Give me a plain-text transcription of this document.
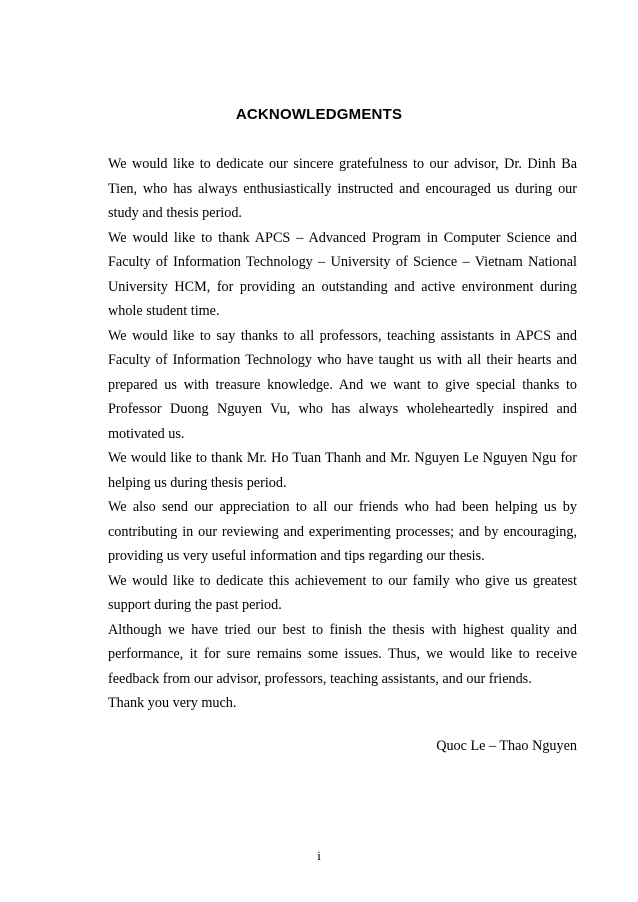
ACKNOWLEDGMENTS

We would like to dedicate our sincere gratefulness to our advisor, Dr. Dinh Ba Tien, who has always enthusiastically instructed and encouraged us during our study and thesis period.

We would like to thank APCS – Advanced Program in Computer Science and Faculty of Information Technology – University of Science – Vietnam National University HCM, for providing an outstanding and active environment during whole student time.

We would like to say thanks to all professors, teaching assistants in APCS and Faculty of Information Technology who have taught us with all their hearts and prepared us with treasure knowledge. And we want to give special thanks to Professor Duong Nguyen Vu, who has always wholeheartedly inspired and motivated us.

We would like to thank Mr. Ho Tuan Thanh and Mr. Nguyen Le Nguyen Ngu for helping us during thesis period.

We also send our appreciation to all our friends who had been helping us by contributing in our reviewing and experimenting processes; and by encouraging, providing us very useful information and tips regarding our thesis.

We would like to dedicate this achievement to our family who give us greatest support during the past period.

Although we have tried our best to finish the thesis with highest quality and performance, it for sure remains some issues. Thus, we would like to receive feedback from our advisor, professors, teaching assistants, and our friends.

Thank you very much.

Quoc Le – Thao Nguyen
i
